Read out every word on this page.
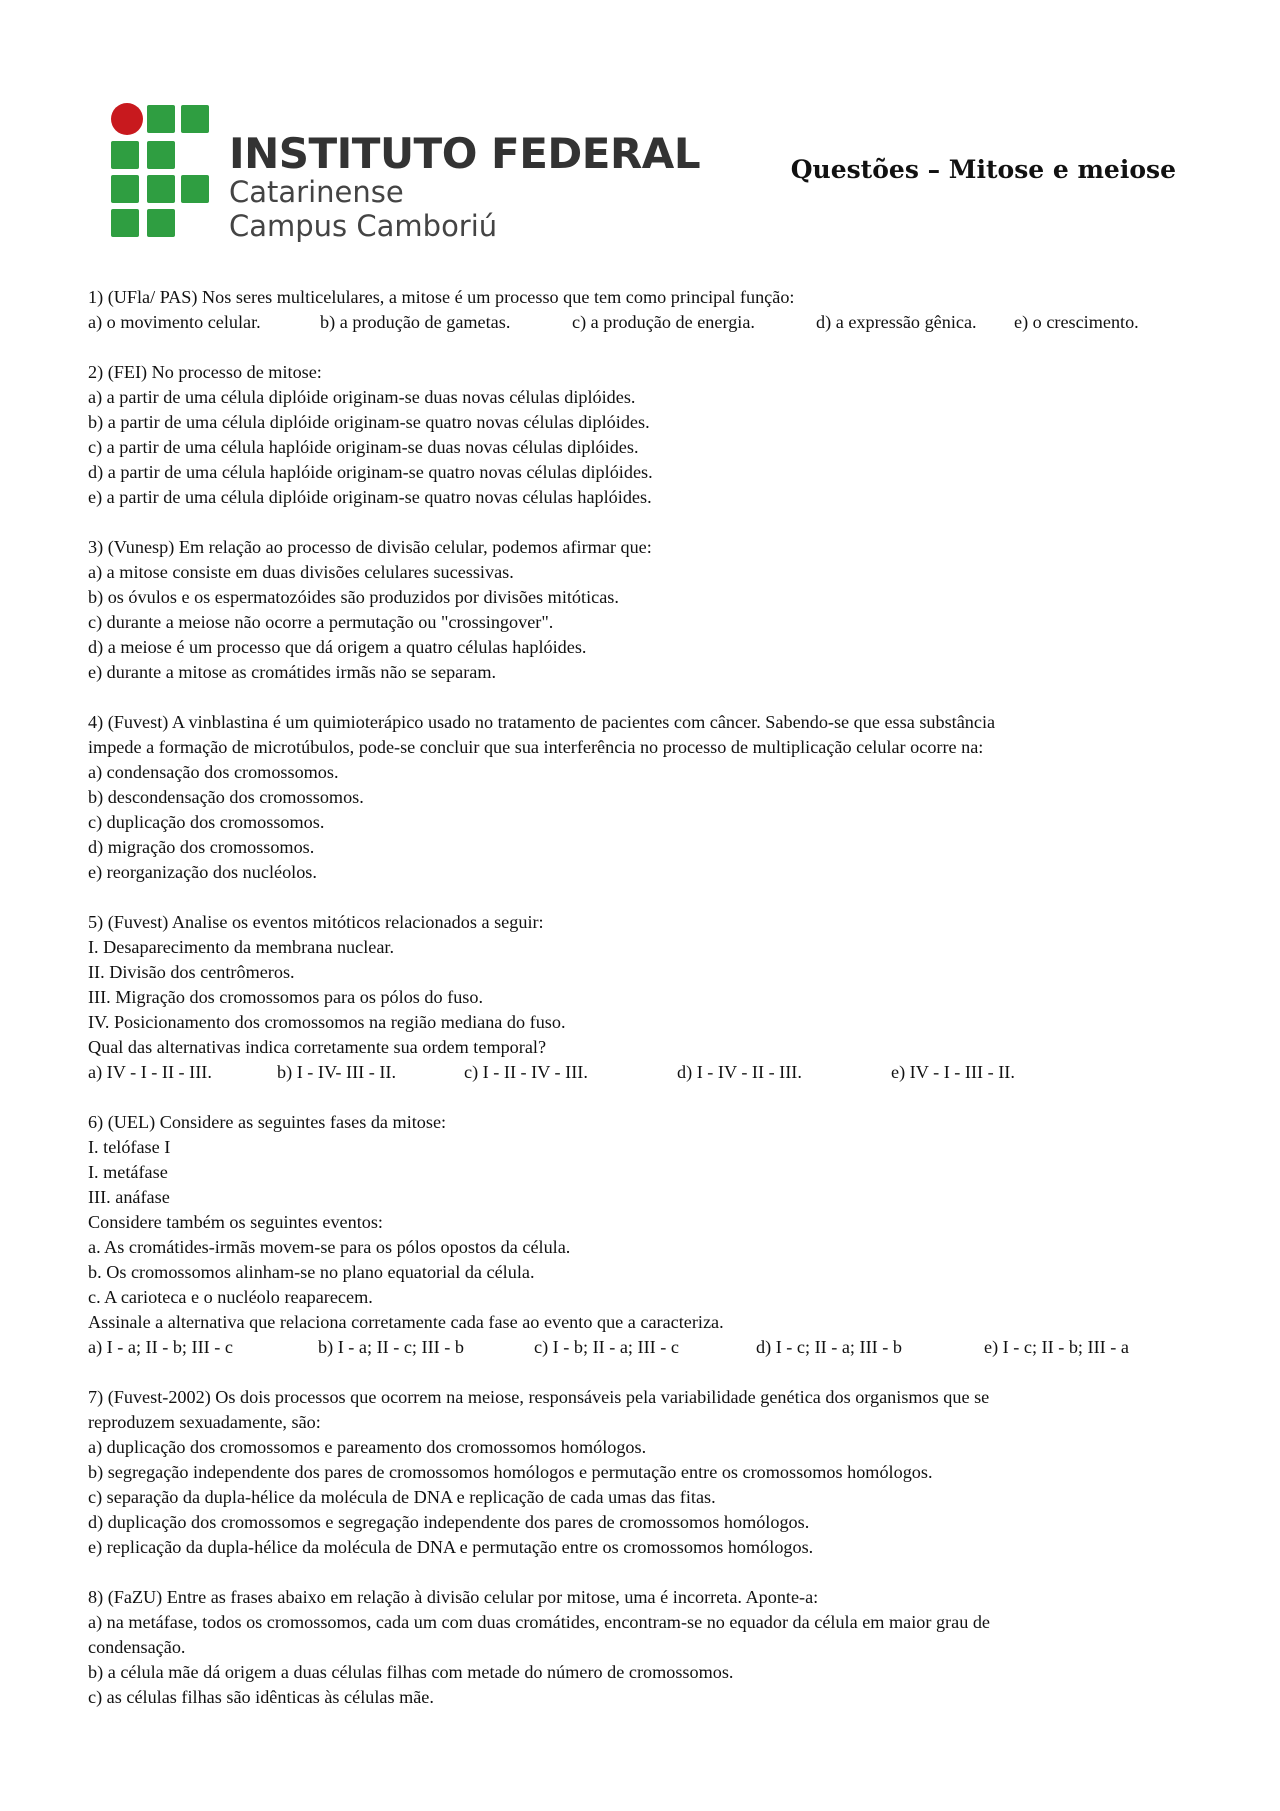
INSTITUTO FEDERAL
Catarinense
Campus Camboriú
Questões – Mitose e meiose
1) (UFla/ PAS) Nos seres multicelulares, a mitose é um processo que tem como principal função:
a) o movimento celular.	b) a produção de gametas.	c) a produção de energia.	d) a expressão gênica.	e) o crescimento.
2) (FEI) No processo de mitose:
a) a partir de uma célula diplóide originam-se duas novas células diplóides.
b) a partir de uma célula diplóide originam-se quatro novas células diplóides.
c) a partir de uma célula haplóide originam-se duas novas células diplóides.
d) a partir de uma célula haplóide originam-se quatro novas células diplóides.
e) a partir de uma célula diplóide originam-se quatro novas células haplóides.
3) (Vunesp) Em relação ao processo de divisão celular, podemos afirmar que:
a) a mitose consiste em duas divisões celulares sucessivas.
b) os óvulos e os espermatozóides são produzidos por divisões mitóticas.
c) durante a meiose não ocorre a permutação ou "crossingover".
d) a meiose é um processo que dá origem a quatro células haplóides.
e) durante a mitose as cromátides irmãs não se separam.
4) (Fuvest) A vinblastina é um quimioterápico usado no tratamento de pacientes com câncer. Sabendo-se que essa substância
impede a formação de microtúbulos, pode-se concluir que sua interferência no processo de multiplicação celular ocorre na:
a) condensação dos cromossomos.
b) descondensação dos cromossomos.
c) duplicação dos cromossomos.
d) migração dos cromossomos.
e) reorganização dos nucléolos.
5) (Fuvest) Analise os eventos mitóticos relacionados a seguir:
I. Desaparecimento da membrana nuclear.
II. Divisão dos centrômeros.
III. Migração dos cromossomos para os pólos do fuso.
IV. Posicionamento dos cromossomos na região mediana do fuso.
Qual das alternativas indica corretamente sua ordem temporal?
a) IV - I - II - III.	b) I - IV- III - II.	c) I - II - IV - III.	d) I - IV - II - III.	e) IV - I - III - II.
6) (UEL) Considere as seguintes fases da mitose:
I. telófase I
I. metáfase
III. anáfase
Considere também os seguintes eventos:
a. As cromátides-irmãs movem-se para os pólos opostos da célula.
b. Os cromossomos alinham-se no plano equatorial da célula.
c. A carioteca e o nucléolo reaparecem.
Assinale a alternativa que relaciona corretamente cada fase ao evento que a caracteriza.
a) I - a; II - b; III - c	b) I - a; II - c; III - b	c) I - b; II - a; III - c	d) I - c; II - a; III - b	e) I - c; II - b; III - a
7) (Fuvest-2002) Os dois processos que ocorrem na meiose, responsáveis pela variabilidade genética dos organismos que se
reproduzem sexuadamente, são:
a) duplicação dos cromossomos e pareamento dos cromossomos homólogos.
b) segregação independente dos pares de cromossomos homólogos e permutação entre os cromossomos homólogos.
c) separação da dupla-hélice da molécula de DNA e replicação de cada umas das fitas.
d) duplicação dos cromossomos e segregação independente dos pares de cromossomos homólogos.
e) replicação da dupla-hélice da molécula de DNA e permutação entre os cromossomos homólogos.
8) (FaZU) Entre as frases abaixo em relação à divisão celular por mitose, uma é incorreta. Aponte-a:
a) na metáfase, todos os cromossomos, cada um com duas cromátides, encontram-se no equador da célula em maior grau de
condensação.
b) a célula mãe dá origem a duas células filhas com metade do número de cromossomos.
c) as células filhas são idênticas às células mãe.
